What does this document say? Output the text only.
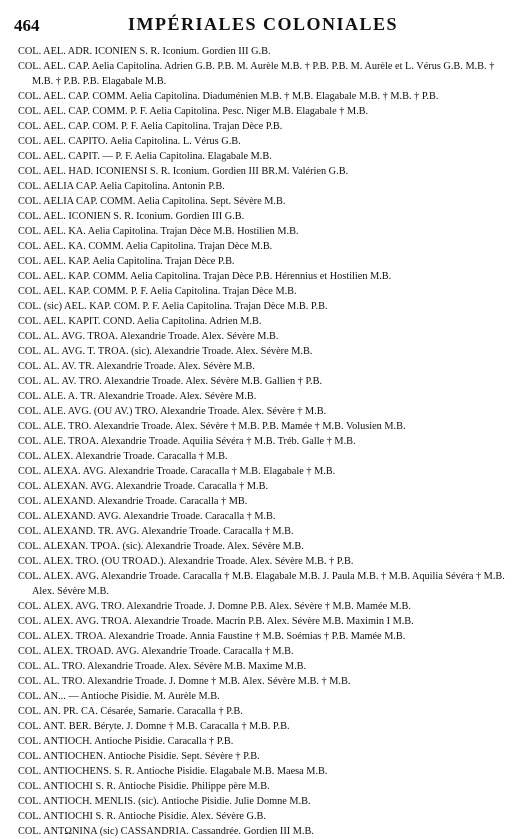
464	IMPÉRIALES COLONIALES
COL. AEL. ADR. ICONIEN S. R. Iconium. Gordien III G.B.
COL. AEL. CAP. Aelia Capitolina. Adrien G.B. P.B. M. Aurèle M.B. † P.B. P.B. M. Aurèle et L. Vérus G.B. M.B. † M.B. † P.B. P.B. Elagabale M.B.
COL. AEL. CAP. COMM. Aelia Capitolina. Diaduménien M.B. † M.B. Elagabale M.B. † M.B. † P.B.
COL. AEL. CAP. COMM. P. F. Aelia Capitolina. Pesc. Niger M.B. Elagabale † M.B.
COL. AEL. CAP. COM. P. F. Aelia Capitolina. Trajan Dèce P.B.
COL. AEL. CAPITO. Aelia Capitolina. L. Vérus G.B.
COL. AEL. CAPIT. — P. F. Aelia Capitolina. Elagabale M.B.
COL. AEL. HAD. ICONIENSI S. R. Iconium. Gordien III BR.M. Valérien G.B.
COL. AELIA CAP. Aelia Capitolina. Antonin P.B.
COL. AELIA CAP. COMM. Aelia Capitolina. Sept. Sévère M.B.
COL. AEL. ICONIEN S. R. Iconium. Gordien III G.B.
COL. AEL. KA. Aelia Capitolina. Trajan Dèce M.B. Hostilien M.B.
COL. AEL. KA. COMM. Aelia Capitolina. Trajan Dèce M.B.
COL. AEL. KAP. Aelia Capitolina. Trajan Dèce P.B.
COL. AEL. KAP. COMM. Aelia Capitolina. Trajan Dèce P.B. Hérennius et Hostilien M.B.
COL. AEL. KAP. COMM. P. F. Aelia Capitolina. Trajan Dèce M.B.
COL. (sic) AEL. KAP. COM. P. F. Aelia Capitolina. Trajan Dèce M.B. P.B.
COL. AEL. KAPIT. COND. Aelia Capitolina. Adrien M.B.
COL. AL. AVG. TROA. Alexandrie Troade. Alex. Sévère M.B.
COL. AL. AVG. T. TROA. (sic). Alexandrie Troade. Alex. Sévère M.B.
COL. AL. AV. TR. Alexandrie Troade. Alex. Sévère M.B.
COL. AL. AV. TRO. Alexandrie Troade. Alex. Sévère M.B. Gallien † P.B.
COL. ALE. A. TR. Alexandrie Troade. Alex. Sévère M.B.
COL. ALE. AVG. (OU AV.) TRO. Alexandrie Troade. Alex. Sévère † M.B.
COL. ALE. TRO. Alexandrie Troade. Alex. Sévère † M.B. P.B. Mamée † M.B. Volusien M.B.
COL. ALE. TROA. Alexandrie Troade. Aquilia Sévéra † M.B. Tréb. Galle † M.B.
COL. ALEX. Alexandrie Troade. Caracalla † M.B.
COL. ALEXA. AVG. Alexandrie Troade. Caracalla † M.B. Elagabale † M.B.
COL. ALEXAN. AVG. Alexandrie Troade. Caracalla † M.B.
COL. ALEXAND. Alexandrie Troade. Caracalla † MB.
COL. ALEXAND. AVG. Alexandrie Troade. Caracalla † M.B.
COL. ALEXAND. TR. AVG. Alexandrie Troade. Caracalla † M.B.
COL. ALEXAN. TPOA. (sic). Alexandrie Troade. Alex. Sévère M.B.
COL. ALEX. TRO. (OU TROAD.). Alexandrie Troade. Alex. Sévère M.B. † P.B.
COL. ALEX. AVG. Alexandrie Troade. Caracalla † M.B. Elagabale M.B. J. Paula M.B. † M.B. Aquilia Sévéra † M.B. Alex. Sévère M.B.
COL. ALEX. AVG. TRO. Alexandrie Troade. J. Domne P.B. Alex. Sévère † M.B. Mamée M.B.
COL. ALEX. AVG. TROA. Alexandrie Troade. Macrin P.B. Alex. Sévère M.B. Maximin I M.B.
COL. ALEX. TROA. Alexandrie Troade. Annia Faustine † M.B. Soémias † P.B. Mamée M.B.
COL. ALEX. TROAD. AVG. Alexandrie Troade. Caracalla † M.B.
COL. AL. TRO. Alexandrie Troade. Alex. Sévère M.B. Maxime M.B.
COL. AL. TRO. Alexandrie Troade. J. Domne † M.B. Alex. Sévère M.B. † M.B.
COL. AN... — Antioche Pisidie. M. Aurèle M.B.
COL. AN. PR. CA. Césarée, Samarie. Caracalla † P.B.
COL. ANT. BER. Béryte. J. Domne † M.B. Caracalla † M.B. P.B.
COL. ANTIOCH. Antioche Pisidie. Caracalla † P.B.
COL. ANTIOCHEN. Antioche Pisidie. Sept. Sévère † P.B.
COL. ANTIOCHENS. S. R. Antioche Pisidie. Elagabale M.B. Maesa M.B.
COL. ANTIOCHI S. R. Antioche Pisidie. Philippe père M.B.
COL. ANTIOCH. MENLIS. (sic). Antioche Pisidie. Julie Domne M.B.
COL. ANTIOCHI S. R. Antioche Pisidie. Alex. Sévère G.B.
COL. ANTΩNINA (sic) CASSANDRIA. Cassandrée. Gordien III M.B.
